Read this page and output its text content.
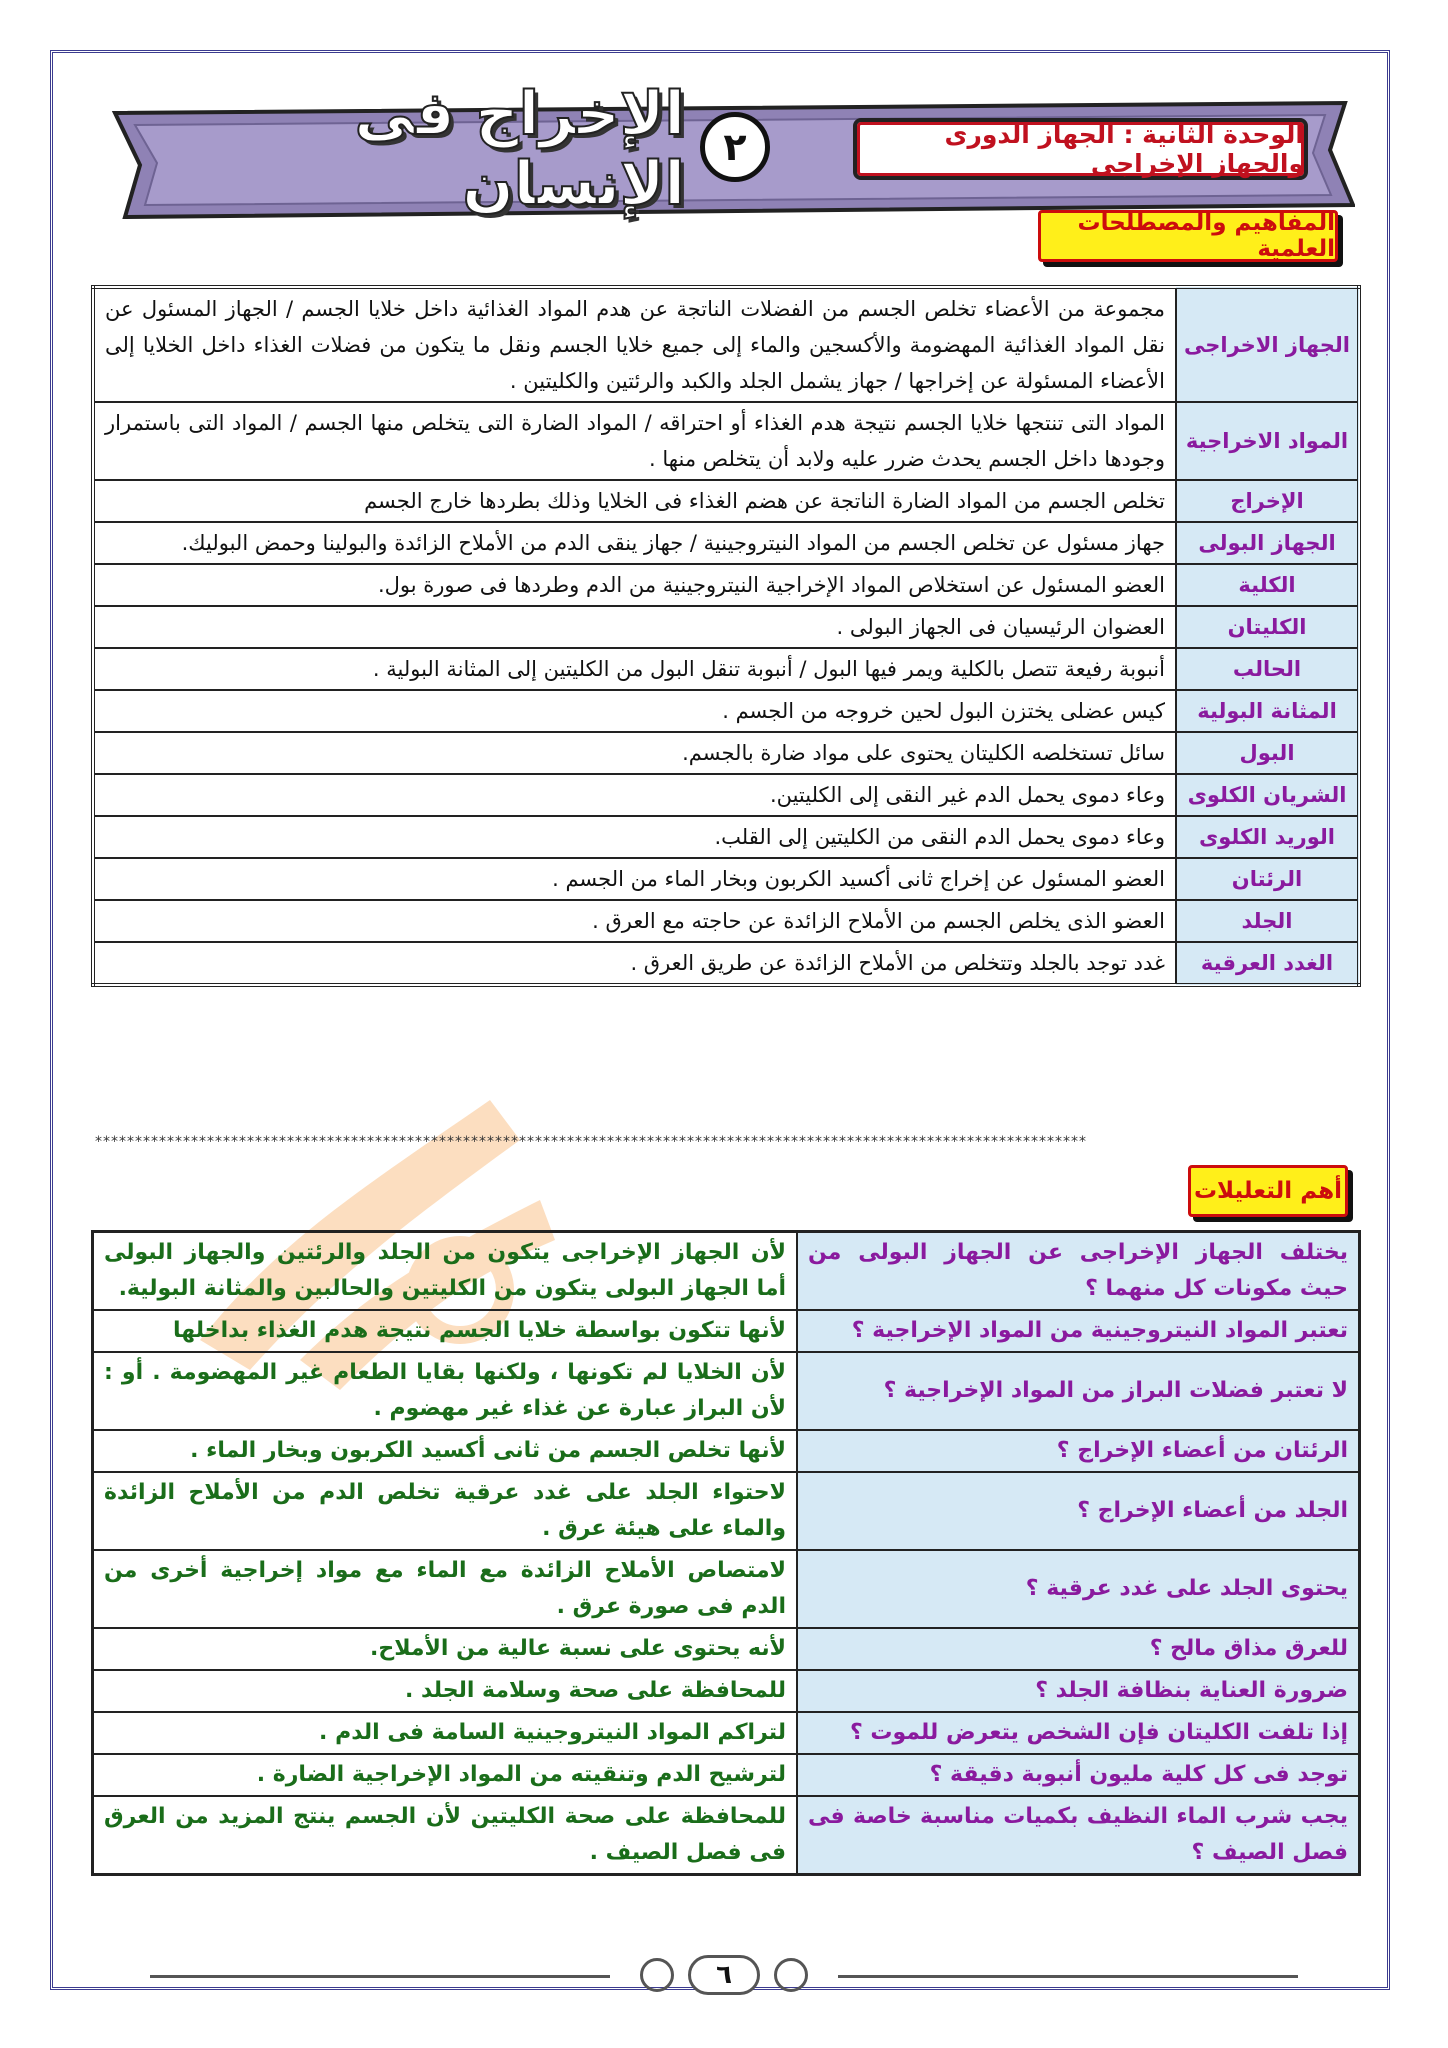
الوحدة الثانية : الجهاز الدورى والجهاز الإخراجى
٢
الإخراج فى الإنسان
المفاهيم والمصطلحات العلمية
الجهاز الاخراجى	مجموعة من الأعضاء تخلص الجسم من الفضلات الناتجة عن هدم المواد الغذائية داخل خلايا الجسم / الجهاز المسئول عن نقل المواد الغذائية المهضومة والأكسجين والماء إلى جميع خلايا الجسم ونقل ما يتكون من فضلات الغذاء داخل الخلايا إلى الأعضاء المسئولة عن إخراجها / جهاز يشمل الجلد والكبد والرئتين والكليتين .
المواد الاخراجية	المواد التى تنتجها خلايا الجسم نتيجة هدم الغذاء أو احتراقه / المواد الضارة التى يتخلص منها الجسم / المواد التى باستمرار وجودها داخل الجسم يحدث ضرر عليه ولابد أن يتخلص منها .
الإخراج	تخلص الجسم من المواد الضارة الناتجة عن هضم الغذاء فى الخلايا وذلك بطردها خارج الجسم
الجهاز البولى	جهاز مسئول عن تخلص الجسم من المواد النيتروجينية / جهاز ينقى الدم من الأملاح الزائدة والبولينا وحمض البوليك.
الكلية	العضو المسئول عن استخلاص المواد الإخراجية النيتروجينية من الدم وطردها فى صورة بول.
الكليتان	العضوان الرئيسيان فى الجهاز البولى .
الحالب	أنبوبة رفيعة تتصل بالكلية ويمر فيها البول / أنبوبة تنقل البول من الكليتين إلى المثانة البولية .
المثانة البولية	كيس عضلى يختزن البول لحين خروجه من الجسم .
البول	سائل تستخلصه الكليتان يحتوى على مواد ضارة بالجسم.
الشريان الكلوى	وعاء دموى يحمل الدم غير النقى إلى الكليتين.
الوريد الكلوى	وعاء دموى يحمل الدم النقى من الكليتين إلى القلب.
الرئتان	العضو المسئول عن إخراج ثانى أكسيد الكربون وبخار الماء من الجسم .
الجلد	العضو الذى يخلص الجسم من الأملاح الزائدة عن حاجته مع العرق .
الغدد العرقية	غدد توجد بالجلد وتتخلص من الأملاح الزائدة عن طريق العرق .
****************************************************************************************************************************
أهم التعليلات
يختلف الجهاز الإخراجى عن الجهاز البولى من حيث مكونات كل منهما ؟	لأن الجهاز الإخراجى يتكون من الجلد والرئتين والجهاز البولى أما الجهاز البولى يتكون من الكليتين والحالبين والمثانة البولية.
تعتبر المواد النيتروجينية من المواد الإخراجية ؟	لأنها تتكون بواسطة خلايا الجسم نتيجة هدم الغذاء بداخلها
لا تعتبر فضلات البراز من المواد الإخراجية ؟	لأن الخلايا لم تكونها ، ولكنها بقايا الطعام غير المهضومة . أو : لأن البراز عبارة عن غذاء غير مهضوم .
الرئتان من أعضاء الإخراج ؟	لأنها تخلص الجسم من ثانى أكسيد الكربون وبخار الماء .
الجلد من أعضاء الإخراج ؟	لاحتواء الجلد على غدد عرقية تخلص الدم من الأملاح الزائدة والماء على هيئة عرق .
يحتوى الجلد على غدد عرقية ؟	لامتصاص الأملاح الزائدة مع الماء مع مواد إخراجية أخرى من الدم فى صورة عرق .
للعرق مذاق مالح ؟	لأنه يحتوى على نسبة عالية من الأملاح.
ضرورة العناية بنظافة الجلد ؟	للمحافظة على صحة وسلامة الجلد .
إذا تلفت الكليتان فإن الشخص يتعرض للموت ؟	لتراكم المواد النيتروجينية السامة فى الدم .
توجد فى كل كلية مليون أنبوبة دقيقة ؟	لترشيح الدم وتنقيته من المواد الإخراجية الضارة .
يجب شرب الماء النظيف بكميات مناسبة خاصة فى فصل الصيف ؟	للمحافظة على صحة الكليتين لأن الجسم ينتج المزيد من العرق فى فصل الصيف .
٦
